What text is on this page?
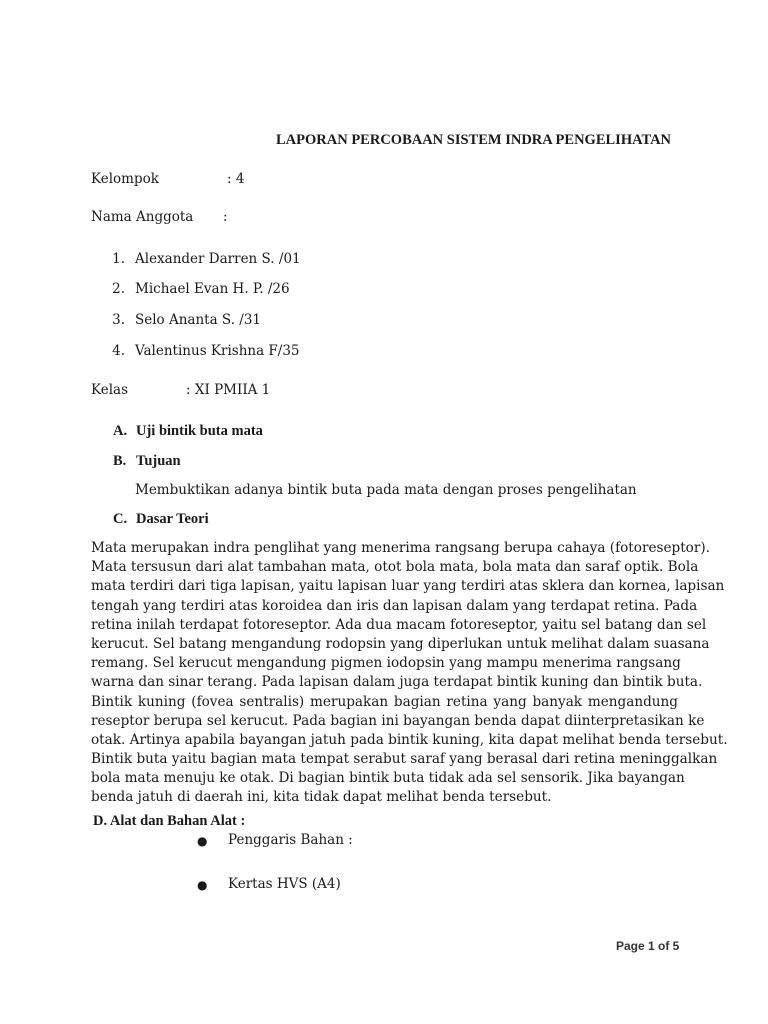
LAPORAN PERCOBAAN SISTEM INDRA PENGELIHATAN
Kelompok	: 4
Nama Anggota :
1. Alexander Darren S. /01
2. Michael Evan H. P. /26
3. Selo Ananta S. /31
4. Valentinus Krishna F/35
Kelas	: XI PMIIA 1
A. Uji bintik buta mata
B. Tujuan
Membuktikan adanya bintik buta pada mata dengan proses pengelihatan
C. Dasar Teori
Mata merupakan indra penglihat yang menerima rangsang berupa cahaya (fotoreseptor).
Mata tersusun dari alat tambahan mata, otot bola mata, bola mata dan saraf optik. Bola
mata terdiri dari tiga lapisan, yaitu lapisan luar yang terdiri atas sklera dan kornea, lapisan
tengah yang terdiri atas koroidea dan iris dan lapisan dalam yang terdapat retina. Pada
retina inilah terdapat fotoreseptor. Ada dua macam fotoreseptor, yaitu sel batang dan sel
kerucut. Sel batang mengandung rodopsin yang diperlukan untuk melihat dalam suasana
remang. Sel kerucut mengandung pigmen iodopsin yang mampu menerima rangsang
warna dan sinar terang. Pada lapisan dalam juga terdapat bintik kuning dan bintik buta.
Bintik kuning (fovea sentralis) merupakan bagian retina yang banyak mengandung
reseptor berupa sel kerucut. Pada bagian ini bayangan benda dapat diinterpretasikan ke
otak. Artinya apabila bayangan jatuh pada bintik kuning, kita dapat melihat benda tersebut.
Bintik buta yaitu bagian mata tempat serabut saraf yang berasal dari retina meninggalkan
bola mata menuju ke otak. Di bagian bintik buta tidak ada sel sensorik. Jika bayangan
benda jatuh di daerah ini, kita tidak dapat melihat benda tersebut.
D. Alat dan Bahan Alat :
● Penggaris Bahan :
● Kertas HVS (A4)
Page 1 of 5
